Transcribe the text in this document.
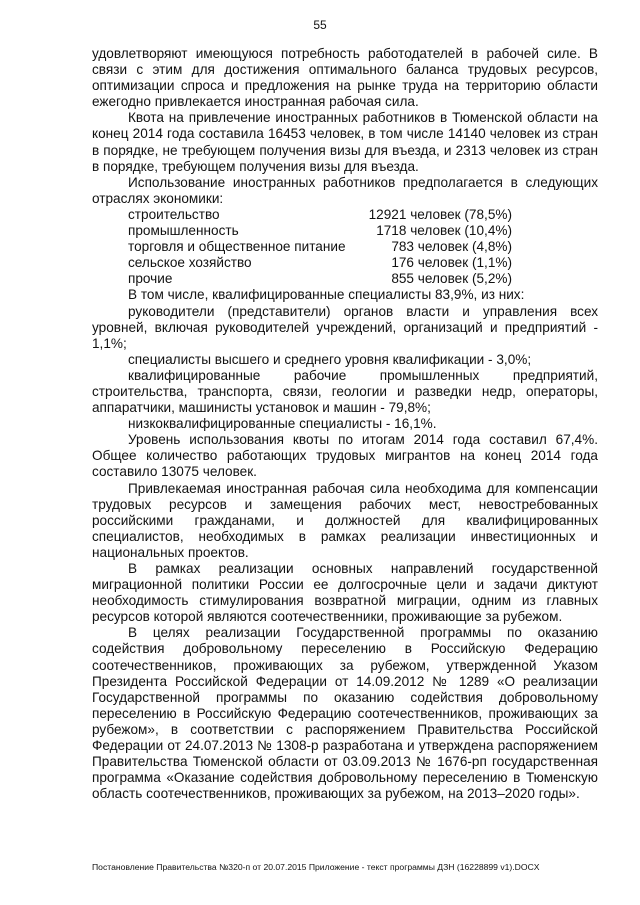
55

удовлетворяют имеющуюся потребность работодателей в рабочей силе. В связи с этим для достижения оптимального баланса трудовых ресурсов, оптимизации спроса и предложения на рынке труда на территорию области ежегодно привлекается иностранная рабочая сила.

Квота на привлечение иностранных работников в Тюменской области на конец 2014 года составила 16453 человек, в том числе 14140 человек из стран в порядке, не требующем получения визы для въезда, и 2313 человек из стран в порядке, требующем получения визы для въезда.

Использование иностранных работников предполагается в следующих отраслях экономики:

строительство	12921 человек (78,5%)
промышленность	1718 человек (10,4%)
торговля и общественное питание	783 человек (4,8%)
сельское хозяйство	176 человек (1,1%)
прочие	855 человек (5,2%)

В том числе, квалифицированные специалисты 83,9%, из них:

руководители (представители) органов власти и управления всех уровней, включая руководителей учреждений, организаций и предприятий - 1,1%;

специалисты высшего и среднего уровня квалификации - 3,0%;

квалифицированные рабочие промышленных предприятий, строительства, транспорта, связи, геологии и разведки недр, операторы, аппаратчики, машинисты установок и машин - 79,8%;

низкоквалифицированные специалисты - 16,1%.

Уровень использования квоты по итогам 2014 года составил 67,4%. Общее количество работающих трудовых мигрантов на конец 2014 года составило 13075 человек.

Привлекаемая иностранная рабочая сила необходима для компенсации трудовых ресурсов и замещения рабочих мест, невостребованных российскими гражданами, и должностей для квалифицированных специалистов, необходимых в рамках реализации инвестиционных и национальных проектов.

В рамках реализации основных направлений государственной миграционной политики России ее долгосрочные цели и задачи диктуют необходимость стимулирования возвратной миграции, одним из главных ресурсов которой являются соотечественники, проживающие за рубежом.

В целях реализации Государственной программы по оказанию содействия добровольному переселению в Российскую Федерацию соотечественников, проживающих за рубежом, утвержденной Указом Президента Российской Федерации от 14.09.2012 № 1289 «О реализации Государственной программы по оказанию содействия добровольному переселению в Российскую Федерацию соотечественников, проживающих за рубежом», в соответствии с распоряжением Правительства Российской Федерации от 24.07.2013 № 1308-р разработана и утверждена распоряжением Правительства Тюменской области от 03.09.2013 № 1676-рп государственная программа «Оказание содействия добровольному переселению в Тюменскую область соотечественников, проживающих за рубежом, на 2013–2020 годы».

Постановление Правительства №320-п от 20.07.2015 Приложение - текст программы ДЗН (16228899 v1).DOCX
